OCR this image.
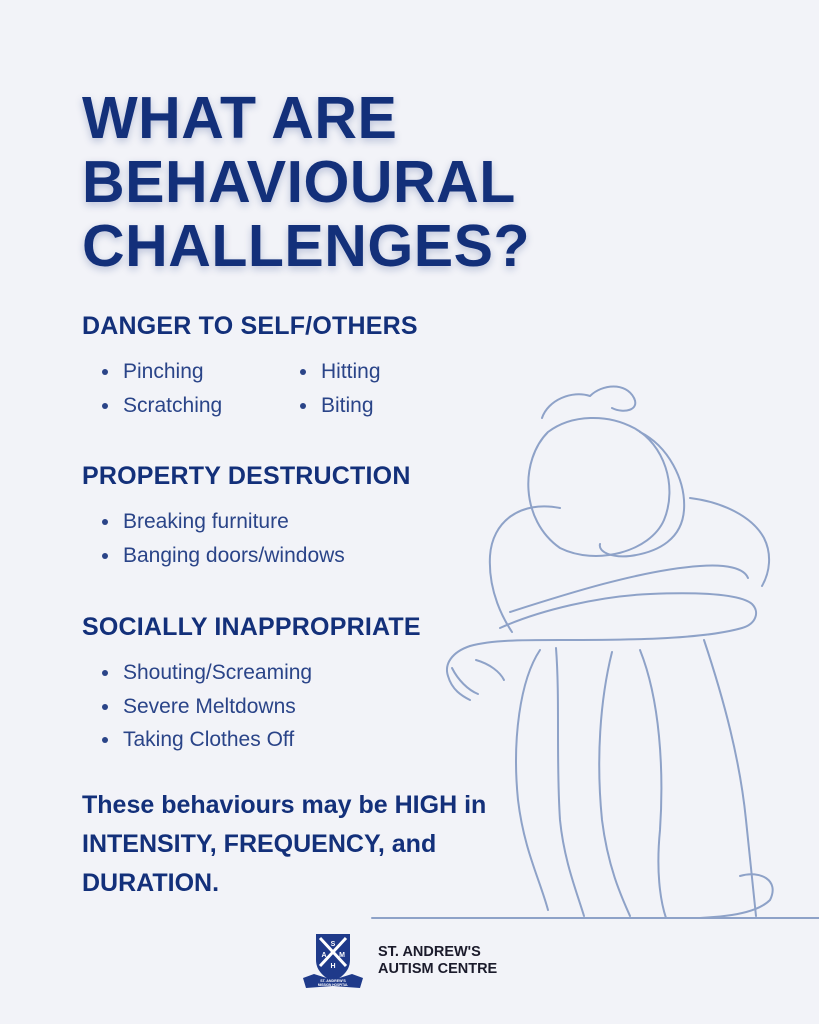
WHAT ARE
BEHAVIOURAL
CHALLENGES?
DANGER TO SELF/OTHERS
Pinching	Hitting
Scratching	Biting
PROPERTY DESTRUCTION
Breaking furniture
Banging doors/windows
SOCIALLY INAPPROPRIATE
Shouting/Screaming
Severe Meltdowns
Taking Clothes Off

These behaviours may be HIGH in INTENSITY, FREQUENCY, and DURATION.

S
A M
H
ST. ANDREW'S
MISSION HOSPITAL
ST. ANDREW'S
AUTISM CENTRE
